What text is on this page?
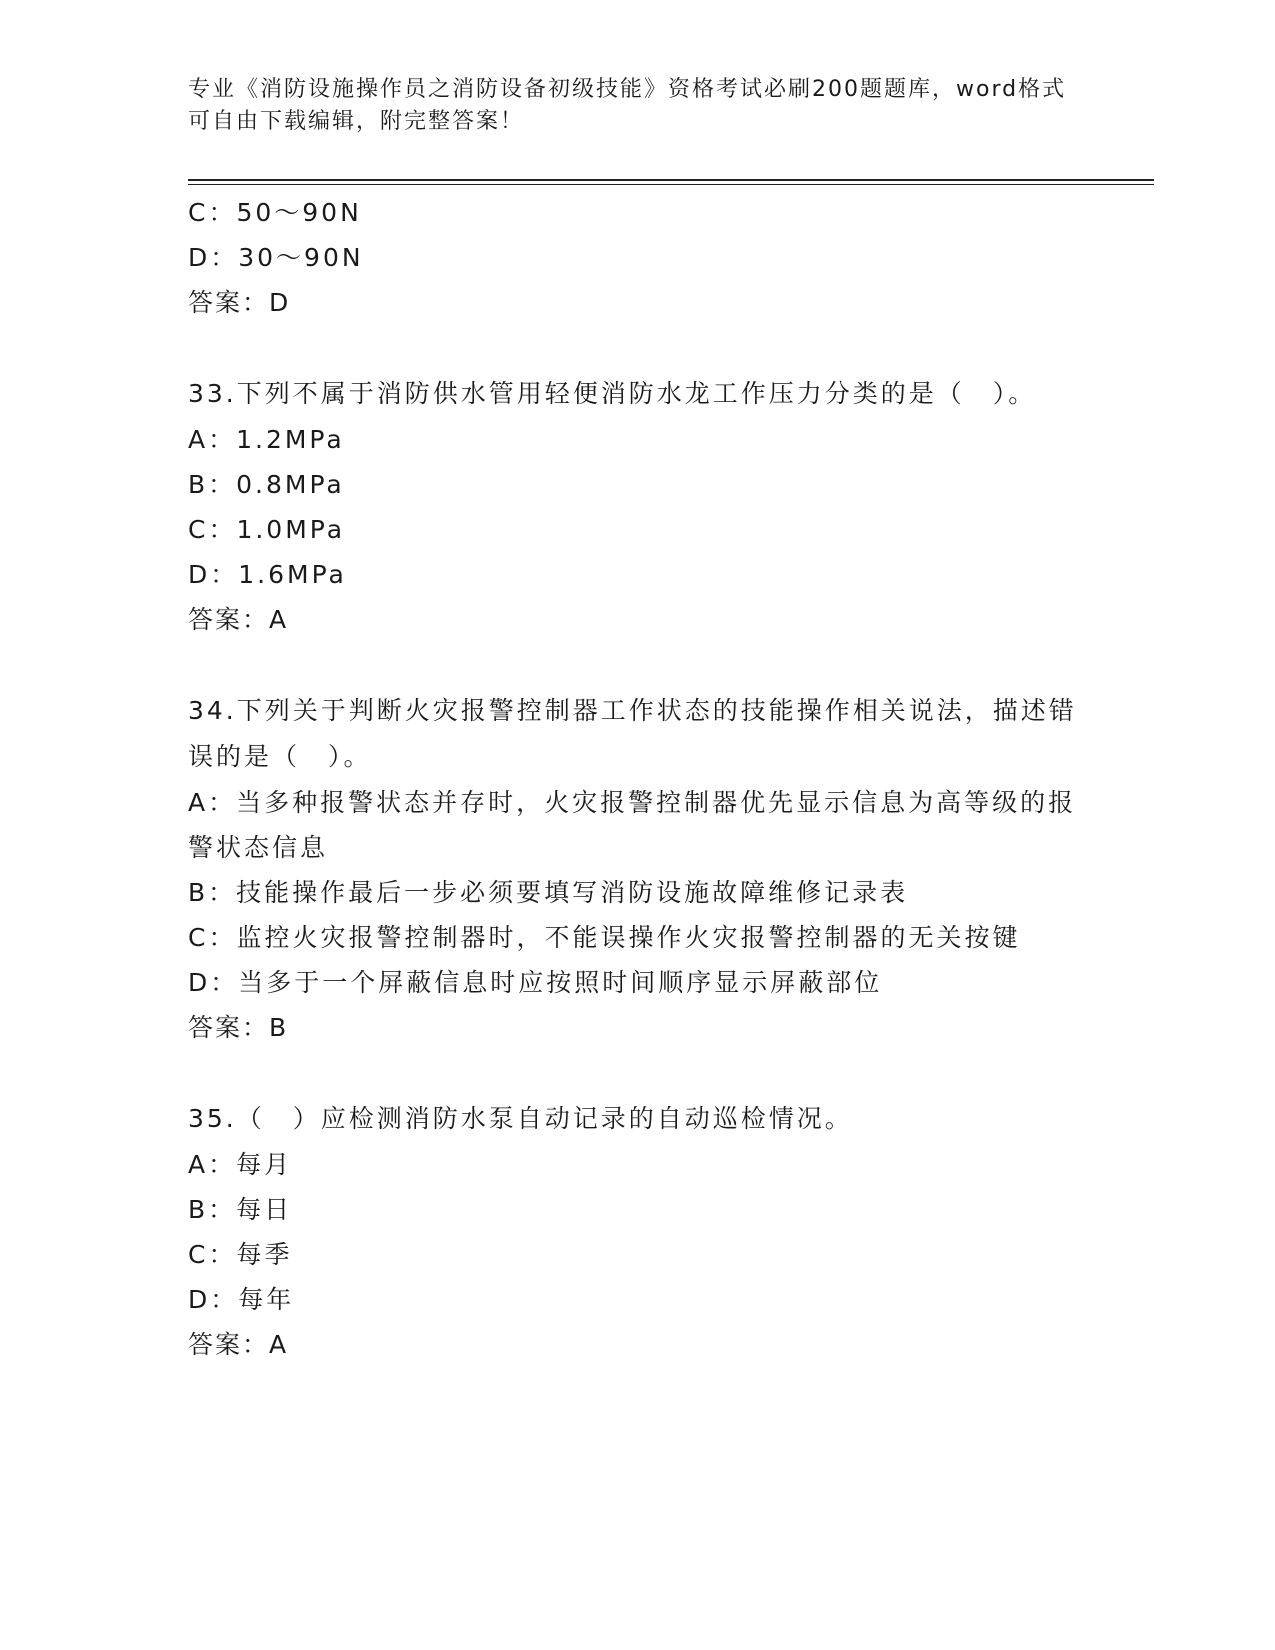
专业《消防设施操作员之消防设备初级技能》资格考试必刷200题题库，word格式可自由下载编辑，附完整答案！
C：50～90N
D：30～90N
答案：D
33.下列不属于消防供水管用轻便消防水龙工作压力分类的是（　）。
A：1.2MPa
B：0.8MPa
C：1.0MPa
D：1.6MPa
答案：A
34.下列关于判断火灾报警控制器工作状态的技能操作相关说法，描述错误的是（　）。
A：当多种报警状态并存时，火灾报警控制器优先显示信息为高等级的报警状态信息
B：技能操作最后一步必须要填写消防设施故障维修记录表
C：监控火灾报警控制器时，不能误操作火灾报警控制器的无关按键
D：当多于一个屏蔽信息时应按照时间顺序显示屏蔽部位
答案：B
35.（　）应检测消防水泵自动记录的自动巡检情况。
A：每月
B：每日
C：每季
D：每年
答案：A
